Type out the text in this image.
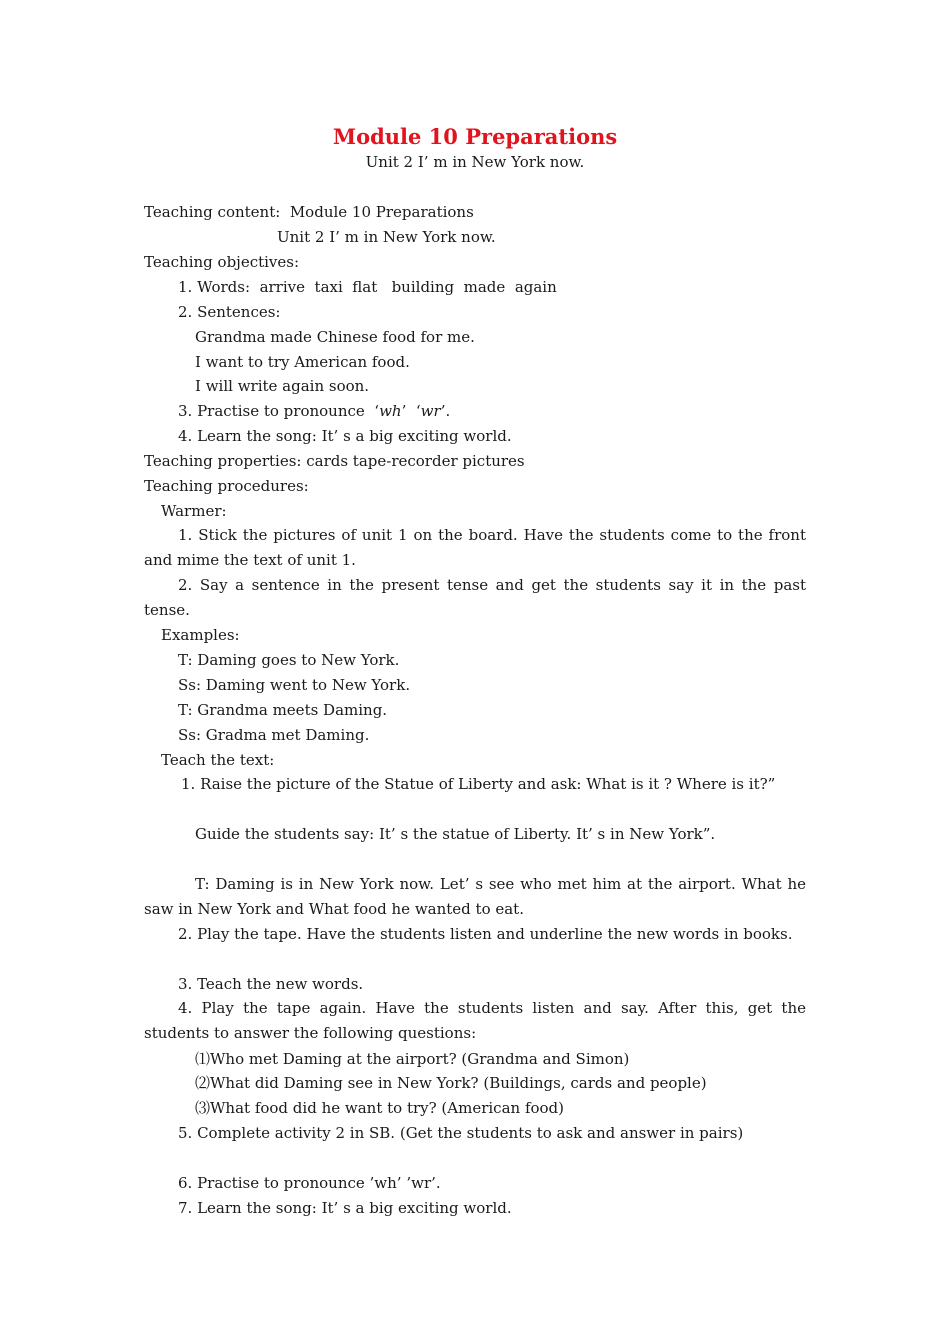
Module 10 Preparations
Unit 2 I’ m in New York now.
Teaching content:  Module 10 Preparations
Unit 2 I’ m in New York now.
Teaching objectives:
1. Words:  arrive  taxi  flat   building  made  again
2. Sentences:
Grandma made Chinese food for me.
I want to try American food.
I will write again soon.
3. Practise to pronounce  ‘wh’  ‘wr’.
4. Learn the song: It’ s a big exciting world.
Teaching properties: cards tape-recorder pictures
Teaching procedures:
Warmer:
1. Stick the pictures of unit 1 on the board. Have the students come to the front and mime the text of unit 1.
2. Say a sentence in the present tense and get the students say it in the past tense.
Examples:
T: Daming goes to New York.
Ss: Daming went to New York.
T: Grandma meets Daming.
Ss: Gradma met Daming.
Teach the text:
1. Raise the picture of the Statue of Liberty and ask: What is it ? Where is it?”
Guide the students say: It’ s the statue of Liberty. It’ s in New York”.
T: Daming is in New York now. Let’ s see who met him at the airport. What he saw in New York and What food he wanted to eat.
2. Play the tape. Have the students listen and underline the new words in books.
3. Teach the new words.
4. Play the tape again. Have the students listen and say. After this, get the students to answer the following questions:
⑴Who met Daming at the airport? (Grandma and Simon)
⑵What did Daming see in New York? (Buildings, cards and people)
⑶What food did he want to try? (American food)
5. Complete activity 2 in SB. (Get the students to ask and answer in pairs)
6. Practise to pronounce ’wh’ ’wr’.
7. Learn the song: It’ s a big exciting world.
